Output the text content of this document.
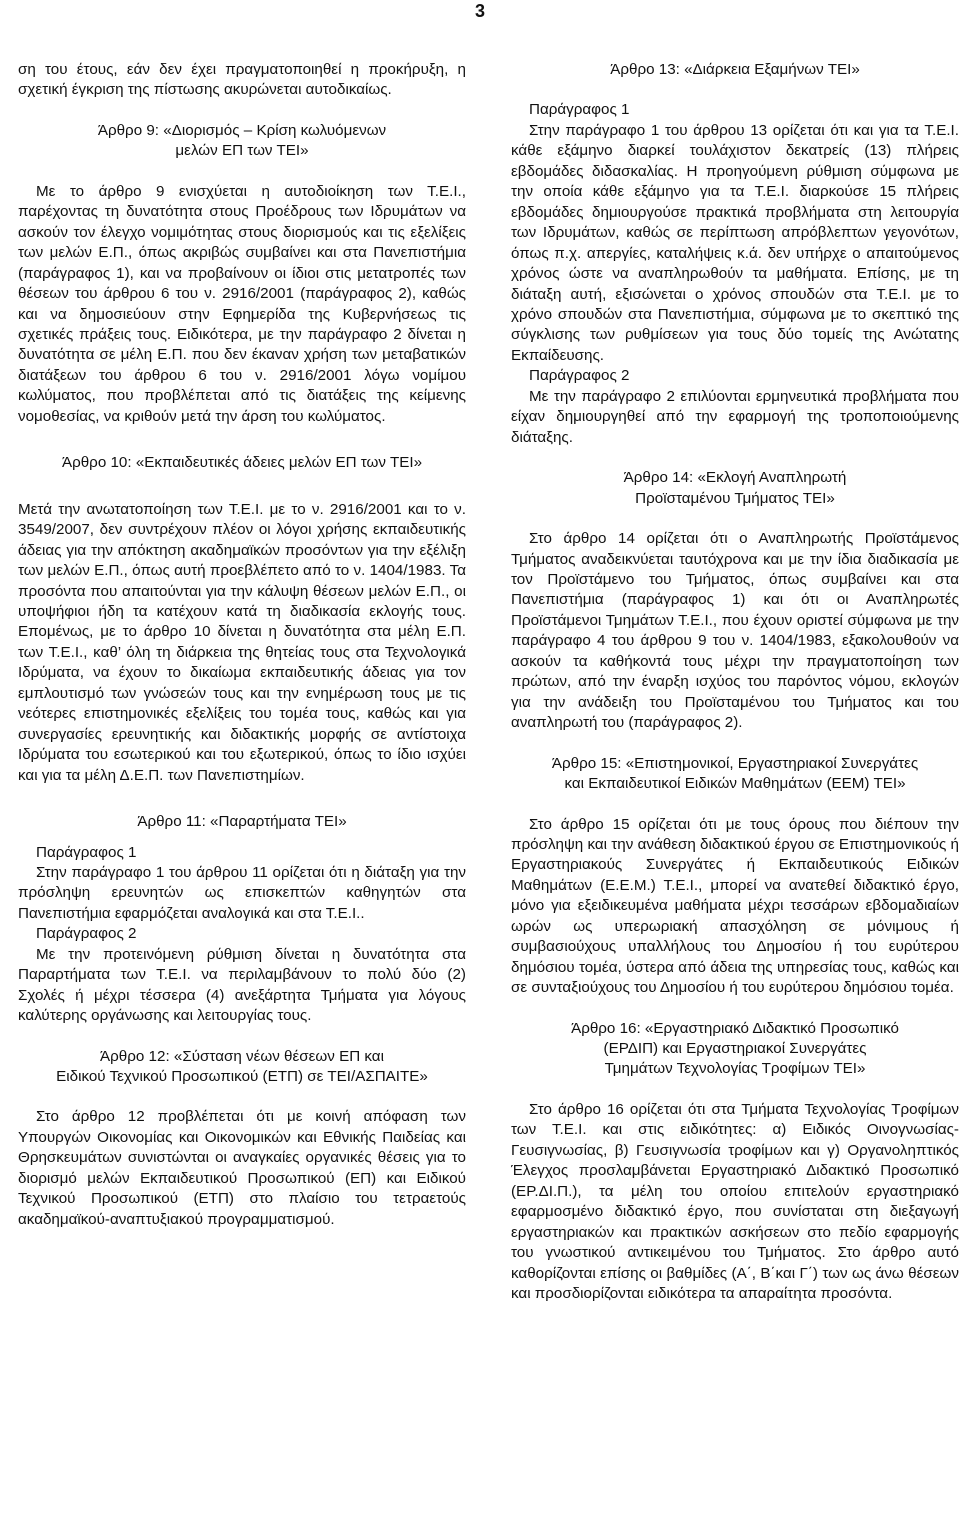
3

ση του έτους, εάν δεν έχει πραγματοποιηθεί η προκήρυξη, η σχετική έγκριση της πίστωσης ακυρώνεται αυτοδικαίως.

Άρθρο 9: «Διορισμός – Κρίση κωλυόμενων

μελών ΕΠ των ΤΕΙ»

Με το άρθρο 9 ενισχύεται η αυτοδιοίκηση των Τ.Ε.Ι., παρέχοντας τη δυνατότητα στους Προέδρους των Ιδρυμάτων να ασκούν τον έλεγχο νομιμότητας στους διορισμούς και τις εξελίξεις των μελών Ε.Π., όπως ακριβώς συμβαίνει και στα Πανεπιστήμια (παράγραφος 1), και να προβαίνουν οι ίδιοι στις μετατροπές των θέσεων του άρθρου 6 του ν. 2916/2001 (παράγραφος 2), καθώς και να δημοσιεύουν στην Εφημερίδα της Κυβερνήσεως τις σχετικές πράξεις τους. Ειδικότερα, με την παράγραφο 2 δίνεται η δυνατότητα σε μέλη Ε.Π. που δεν έκαναν χρήση των μεταβατικών διατάξεων του άρθρου 6 του ν. 2916/2001 λόγω νομίμου κωλύματος, που προβλέπεται από τις διατάξεις της κείμενης νομοθεσίας, να κριθούν μετά την άρση του κωλύματος.

Άρθρο 10: «Εκπαιδευτικές άδειες μελών ΕΠ των ΤΕΙ»

Μετά την ανωτατοποίηση των Τ.Ε.Ι. με το ν. 2916/2001 και το ν. 3549/2007, δεν συντρέχουν πλέον οι λόγοι χρήσης εκπαιδευτικής άδειας για την απόκτηση ακαδημαϊκών προσόντων για την εξέλιξη των μελών Ε.Π., όπως αυτή προεβλέπετο από το ν. 1404/1983. Τα προσόντα που απαιτούνται για την κάλυψη θέσεων μελών Ε.Π., οι υποψήφιοι ήδη τα κατέχουν κατά τη διαδικασία εκλογής τους. Επομένως, με το άρθρο 10 δίνεται η δυνατότητα στα μέλη Ε.Π. των Τ.Ε.Ι., καθ’ όλη τη διάρκεια της θητείας τους στα Τεχνολογικά Ιδρύματα, να έχουν το δικαίωμα εκπαιδευτικής άδειας για τον εμπλουτισμό των γνώσεών τους και την ενημέρωση τους με τις νεότερες επιστημονικές εξελίξεις του τομέα τους, καθώς και για συνεργασίες ερευνητικής και διδακτικής μορφής σε αντίστοιχα Ιδρύματα του εσωτερικού και του εξωτερικού, όπως το ίδιο ισχύει και για τα μέλη Δ.Ε.Π. των Πανεπιστημίων.

Άρθρο 11: «Παραρτήματα ΤΕΙ»

Παράγραφος 1

Στην παράγραφο 1 του άρθρου 11 ορίζεται ότι η διάταξη για την πρόσληψη ερευνητών ως επισκεπτών καθηγητών στα Πανεπιστήμια εφαρμόζεται αναλογικά και στα Τ.Ε.Ι..

Παράγραφος 2

Με την προτεινόμενη ρύθμιση δίνεται η δυνατότητα στα Παραρτήματα των Τ.Ε.Ι. να περιλαμβάνουν το πολύ δύο (2) Σχολές ή μέχρι τέσσερα (4) ανεξάρτητα Τμήματα για λόγους καλύτερης οργάνωσης και λειτουργίας τους.

Άρθρο 12: «Σύσταση νέων θέσεων ΕΠ και

Ειδικού Τεχνικού Προσωπικού (ΕΤΠ) σε ΤΕΙ/ΑΣΠΑΙΤΕ»

Στο άρθρο 12 προβλέπεται ότι με κοινή απόφαση των Υπουργών Οικονομίας και Οικονομικών και Εθνικής Παιδείας και Θρησκευμάτων συνιστώνται οι αναγκαίες οργανικές θέσεις για το διορισμό μελών Εκπαιδευτικού Προσωπικού (ΕΠ) και Ειδικού Τεχνικού Προσωπικού (ΕΤΠ) στο πλαίσιο του τετραετούς ακαδημαϊκού-αναπτυξιακού προγραμματισμού.

Άρθρο 13: «Διάρκεια Εξαμήνων ΤΕΙ»

Παράγραφος 1

Στην παράγραφο 1 του άρθρου 13 ορίζεται ότι και για τα Τ.Ε.Ι. κάθε εξάμηνο διαρκεί τουλάχιστον δεκατρείς (13) πλήρεις εβδομάδες διδασκαλίας. Η προηγούμενη ρύθμιση σύμφωνα με την οποία κάθε εξάμηνο για τα Τ.Ε.Ι. διαρκούσε 15 πλήρεις εβδομάδες δημιουργούσε πρακτικά προβλήματα στη λειτουργία των Ιδρυμάτων, καθώς σε περίπτωση απρόβλεπτων γεγονότων, όπως π.χ. απεργίες, καταλήψεις κ.ά. δεν υπήρχε ο απαιτούμενος χρόνος ώστε να αναπληρωθούν τα μαθήματα. Επίσης, με τη διάταξη αυτή, εξισώνεται ο χρόνος σπουδών στα Τ.Ε.Ι. με το χρόνο σπουδών στα Πανεπιστήμια, σύμφωνα με το σκεπτικό της σύγκλισης των ρυθμίσεων για τους δύο τομείς της Ανώτατης Εκπαίδευσης.

Παράγραφος 2

Με την παράγραφο 2 επιλύονται ερμηνευτικά προβλήματα που είχαν δημιουργηθεί από την εφαρμογή της τροποποιούμενης διάταξης.

Άρθρο 14: «Εκλογή Αναπληρωτή

Προϊσταμένου Τμήματος ΤΕΙ»

Στο άρθρο 14 ορίζεται ότι ο Αναπληρωτής Προϊστάμενος Τμήματος αναδεικνύεται ταυτόχρονα και με την ίδια διαδικασία με τον Προϊστάμενο του Τμήματος, όπως συμβαίνει και στα Πανεπιστήμια (παράγραφος 1) και ότι οι Αναπληρωτές Προϊστάμενοι Τμημάτων Τ.Ε.Ι., που έχουν οριστεί σύμφωνα με την παράγραφο 4 του άρθρου 9 του ν. 1404/1983, εξακολουθούν να ασκούν τα καθήκοντά τους μέχρι την πραγματοποίηση των πρώτων, από την έναρξη ισχύος του παρόντος νόμου, εκλογών για την ανάδειξη του Προϊσταμένου του Τμήματος και του αναπληρωτή του (παράγραφος 2).

Άρθρο 15: «Επιστημονικοί, Εργαστηριακοί Συνεργάτες

και Εκπαιδευτικοί Ειδικών Μαθημάτων (ΕΕΜ) ΤΕΙ»

Στο άρθρο 15 ορίζεται ότι με τους όρους που διέπουν την πρόσληψη και την ανάθεση διδακτικού έργου σε Επιστημονικούς ή Εργαστηριακούς Συνεργάτες ή Εκπαιδευτικούς Ειδικών Μαθημάτων (Ε.Ε.Μ.) Τ.Ε.Ι., μπορεί να ανατεθεί διδακτικό έργο, μόνο για εξειδικευμένα μαθήματα μέχρι τεσσάρων εβδομαδιαίων ωρών ως υπερωριακή απασχόληση σε μόνιμους ή συμβασιούχους υπαλλήλους του Δημοσίου ή του ευρύτερου δημόσιου τομέα, ύστερα από άδεια της υπηρεσίας τους, καθώς και σε συνταξιούχους του Δημοσίου ή του ευρύτερου δημόσιου τομέα.

Άρθρο 16: «Εργαστηριακό Διδακτικό Προσωπικό

(ΕΡΔΙΠ) και Εργαστηριακοί Συνεργάτες

Τμημάτων Τεχνολογίας Τροφίμων ΤΕΙ»

Στο άρθρο 16 ορίζεται ότι στα Τμήματα Τεχνολογίας Τροφίμων των Τ.Ε.Ι. και στις ειδικότητες: α) Ειδικός Οινογνωσίας-Γευσιγνωσίας, β) Γευσιγνωσία τροφίμων και γ) Οργανοληπτικός Έλεγχος προσλαμβάνεται Εργαστηριακό Διδακτικό Προσωπικό (ΕΡ.ΔΙ.Π.), τα μέλη του οποίου επιτελούν εργαστηριακό εφαρμοσμένο διδακτικό έργο, που συνίσταται στη διεξαγωγή εργαστηριακών και πρακτικών ασκήσεων στο πεδίο εφαρμογής του γνωστικού αντικειμένου του Τμήματος. Στο άρθρο αυτό καθορίζονται επίσης οι βαθμίδες (Α΄, Β΄και Γ΄) των ως άνω θέσεων και προσδιορίζονται ειδικότερα τα απαραίτητα προσόντα.
